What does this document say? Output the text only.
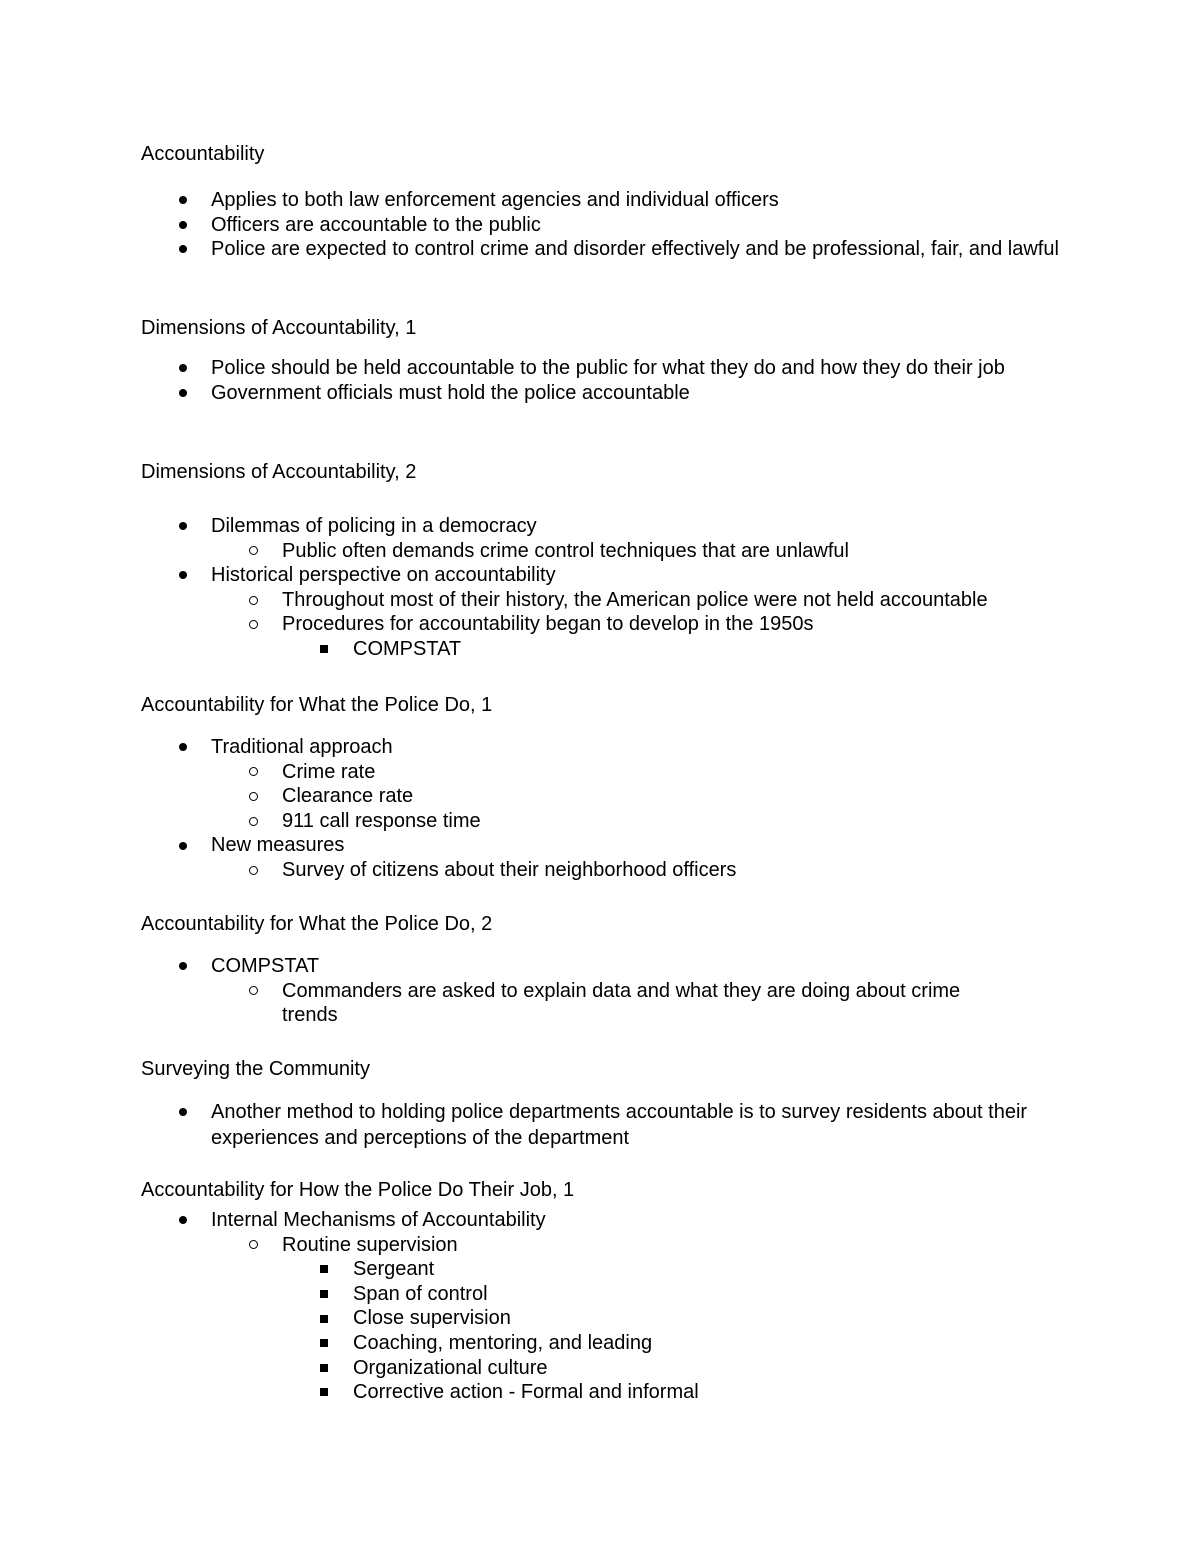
Accountability
Applies to both law enforcement agencies and individual officers
Officers are accountable to the public
Police are expected to control crime and disorder effectively and be professional, fair, and lawful
Dimensions of Accountability, 1
Police should be held accountable to the public for what they do and how they do their job
Government officials must hold the police accountable
Dimensions of Accountability, 2
Dilemmas of policing in a democracy
Public often demands crime control techniques that are unlawful
Historical perspective on accountability
Throughout most of their history, the American police were not held accountable
Procedures for accountability began to develop in the 1950s
COMPSTAT
Accountability for What the Police Do, 1
Traditional approach
Crime rate
Clearance rate
911 call response time
New measures
Survey of citizens about their neighborhood officers
Accountability for What the Police Do, 2
COMPSTAT
Commanders are asked to explain data and what they are doing about crime trends
Surveying the Community
Another method to holding police departments accountable is to survey residents about their experiences and perceptions of the department
Accountability for How the Police Do Their Job, 1
Internal Mechanisms of Accountability
Routine supervision
Sergeant
Span of control
Close supervision
Coaching, mentoring, and leading
Organizational culture
Corrective action - Formal and informal
